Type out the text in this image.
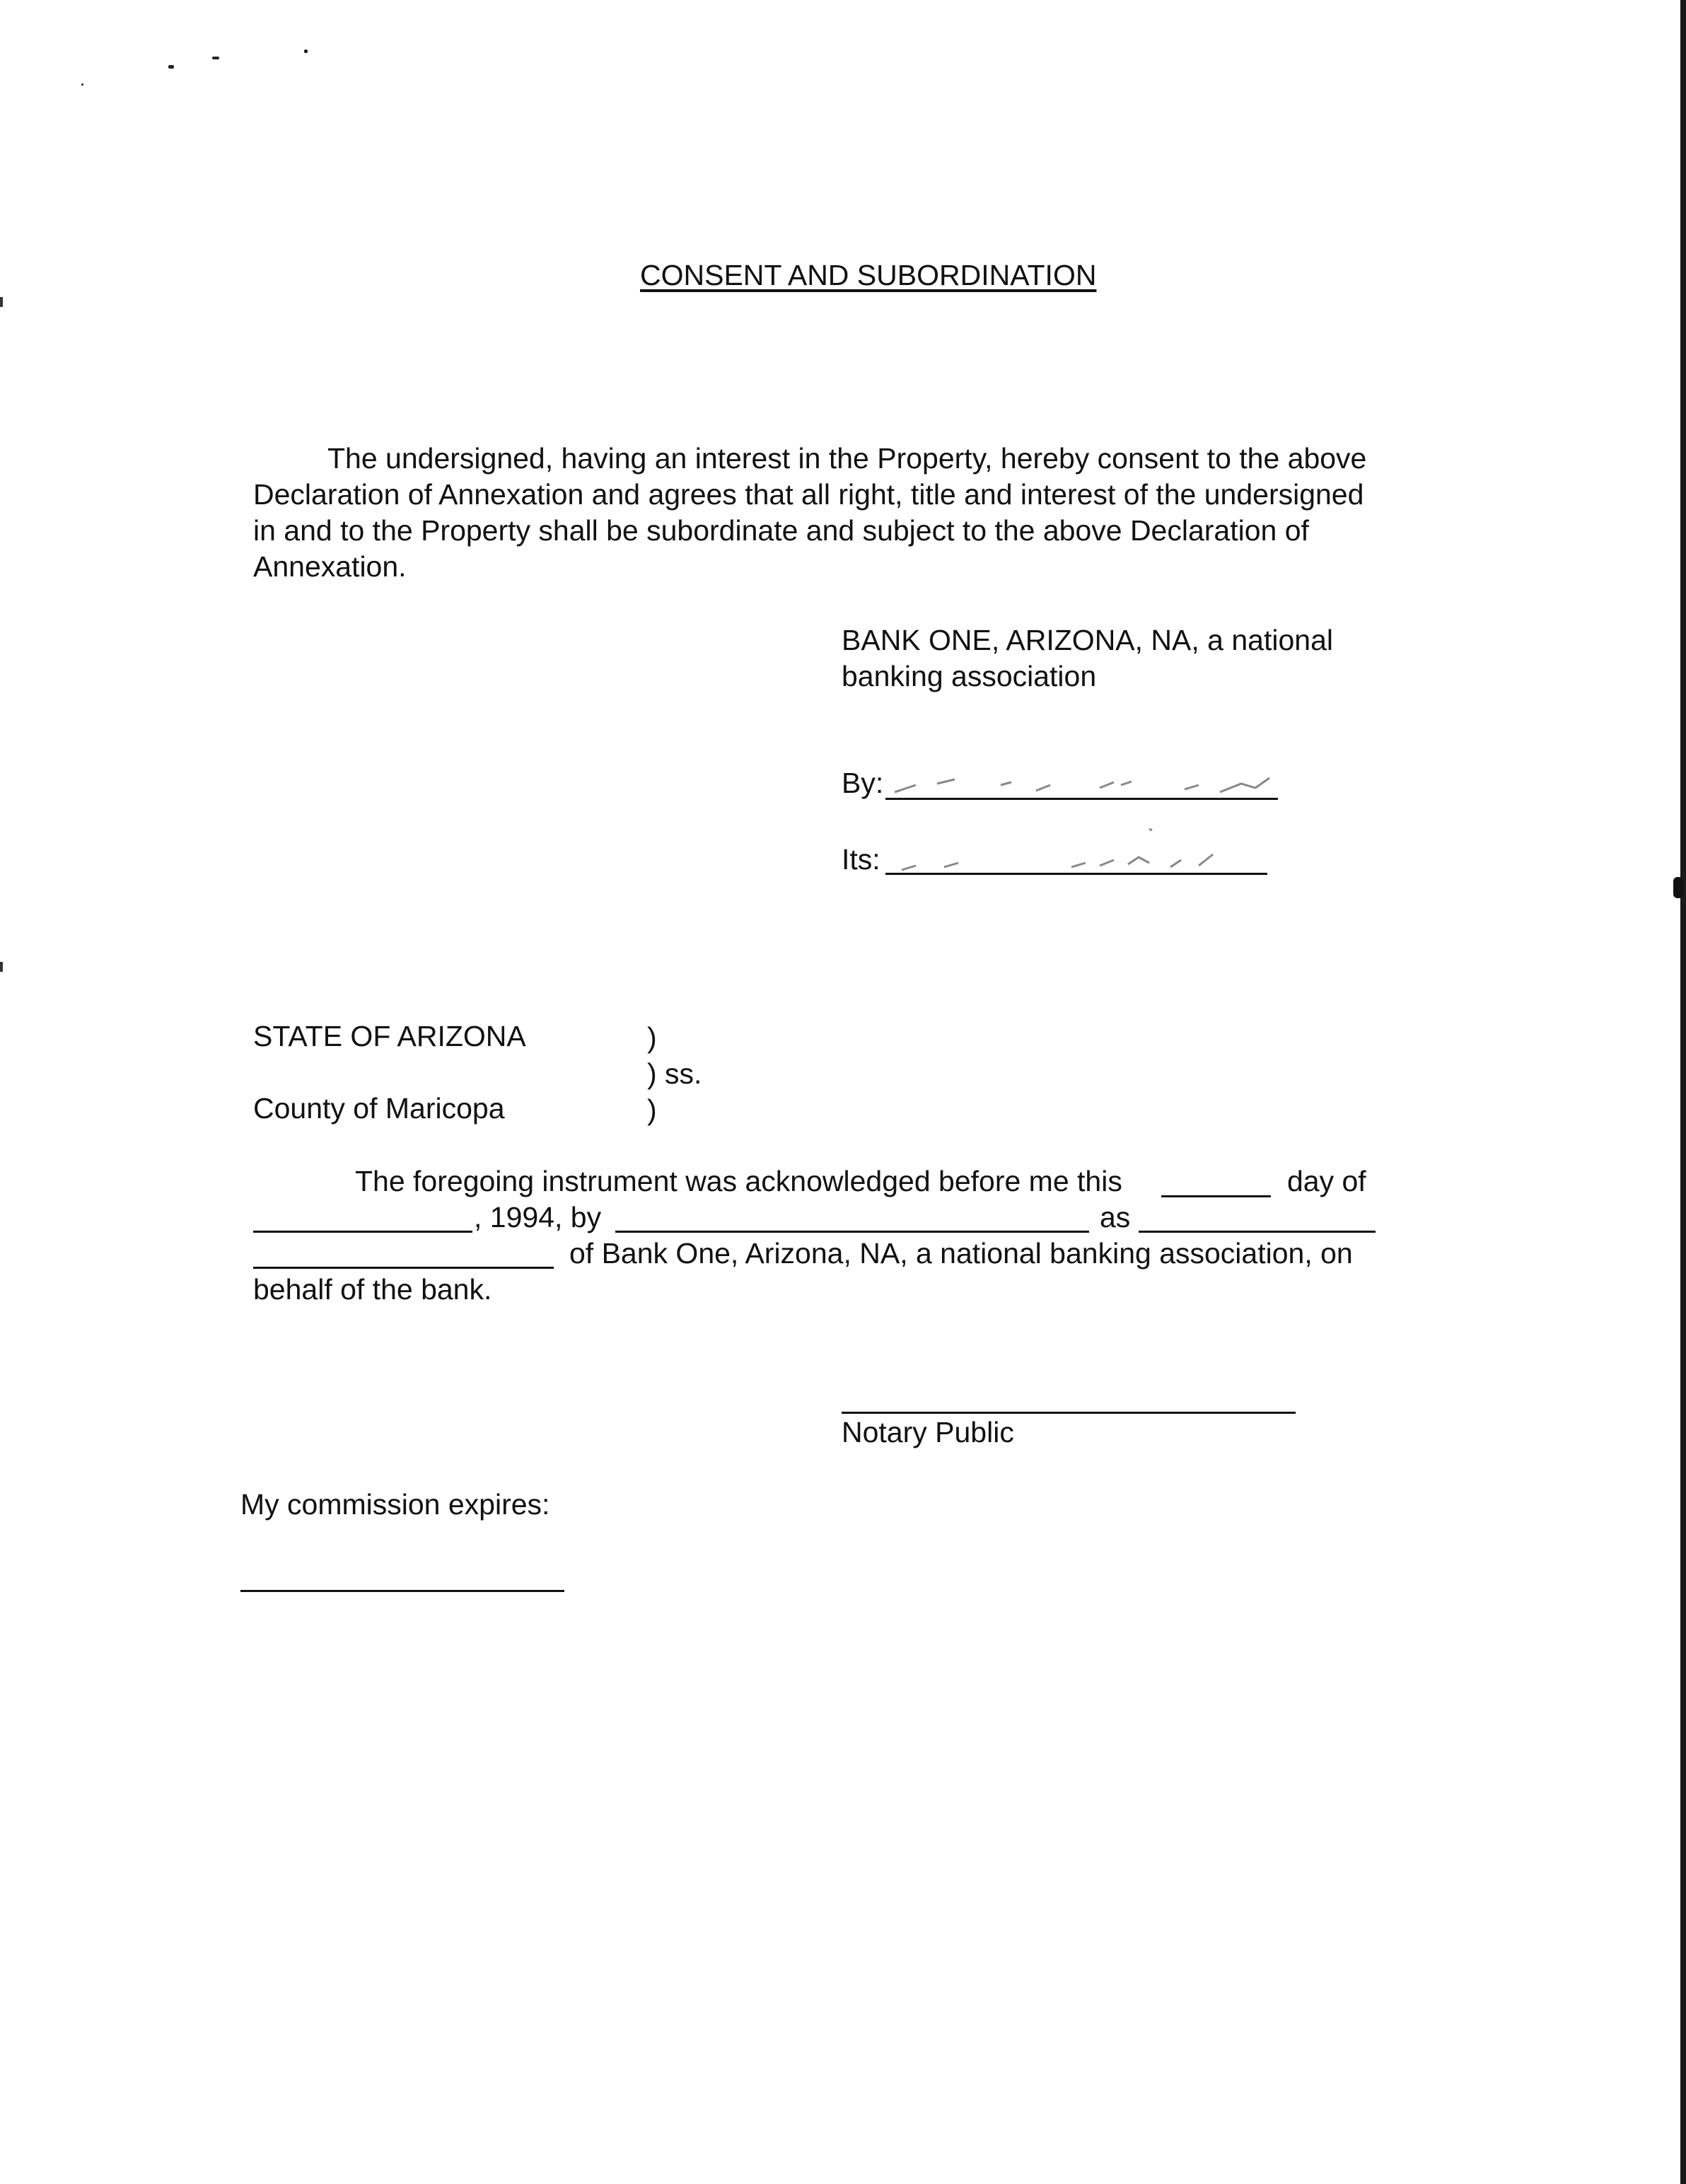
CONSENT AND SUBORDINATION
The undersigned, having an interest in the Property, hereby consent to the above
Declaration of Annexation and agrees that all right, title and interest of the undersigned
in and to the Property shall be subordinate and subject to the above Declaration of
Annexation.
BANK ONE, ARIZONA, NA, a national
banking association
By:
Its:
STATE OF ARIZONA
County of Maricopa
)
) ss.
)
The foregoing instrument was acknowledged before me this	day of
, 1994, by	as
of Bank One, Arizona, NA, a national banking association, on
behalf of the bank.
Notary Public
My commission expires:
